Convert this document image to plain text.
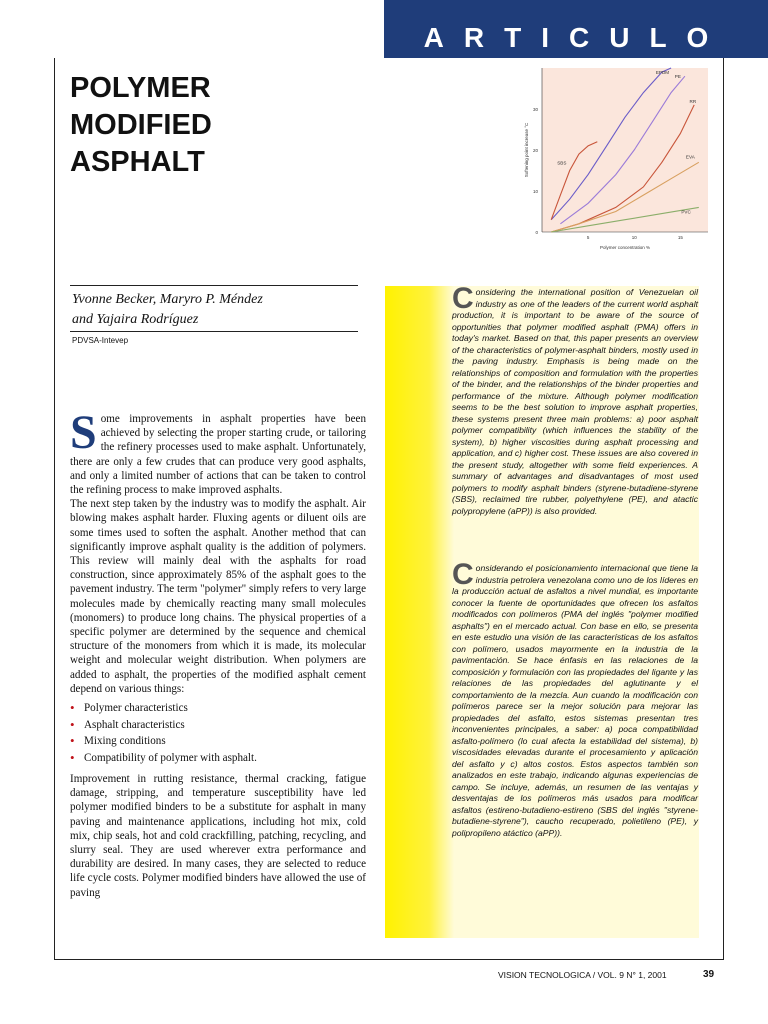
ARTICULO
POLYMER
MODIFIED
ASPHALT
0
10
20
30
5	10	15
Softening point increase °C
Polymer concentration %
EPDM
PE
SBS
RR
EVA
PVC
Yvonne Becker, Maryro P. Méndez
and Yajaira Rodríguez
PDVSA-Intevep
S ome improvements in asphalt properties have been achieved by selecting the proper starting crude, or tailoring the refinery processes used to make asphalt. Unfortunately, there are only a few crudes that can produce very good asphalts, and only a limited number of actions that can be taken to control the refining process to make improved asphalts.

The next step taken by the industry was to modify the asphalt. Air blowing makes asphalt harder. Fluxing agents or diluent oils are some times used to soften the asphalt. Another method that can significantly improve asphalt quality is the addition of polymers. This review will mainly deal with the asphalts for road construction, since approximately 85% of the asphalt goes to the pavement industry. The term "polymer" simply refers to very large molecules made by chemically reacting many small molecules (monomers) to produce long chains. The physical properties of a specific polymer are determined by the sequence and chemical structure of the monomers from which it is made, its molecular weight and molecular weight distribution. When polymers are added to asphalt, the properties of the modified asphalt cement depend on various things:

• Polymer characteristics
• Asphalt characteristics
• Mixing conditions
• Compatibility of polymer with asphalt.

Improvement in rutting resistance, thermal cracking, fatigue damage, stripping, and temperature susceptibility have led polymer modified binders to be a substitute for asphalt in many paving and maintenance applications, including hot mix, cold mix, chip seals, hot and cold crackfilling, patching, recycling, and slurry seal. They are used wherever extra performance and durability are desired. In many cases, they are selected to reduce life cycle costs. Polymer modified binders have allowed the use of paving

Considering the international position of Venezuelan oil industry as one of the leaders of the current world asphalt production, it is important to be aware of the source of opportunities that polymer modified asphalt (PMA) offers in today's market. Based on that, this paper presents an overview of the characteristics of polymer-asphalt binders, mostly used in the paving industry. Emphasis is being made on the relationships of composition and formulation with the properties of the binder, and the relationships of the binder properties and performance of the mixture. Although polymer modification seems to be the best solution to improve asphalt properties, these systems present three main problems: a) poor asphalt polymer compatibility (which influences the stability of the system), b) higher viscosities during asphalt processing and application, and c) higher cost. These issues are also covered in the present study, altogether with some field experiences. A summary of advantages and disadvantages of most used polymers to modify asphalt binders (styrene-butadiene-styrene (SBS), reclaimed tire rubber, polyethylene (PE), and atactic polypropylene (aPP)) is also provided.
Considerando el posicionamiento internacional que tiene la industria petrolera venezolana como uno de los líderes en la producción actual de asfaltos a nivel mundial, es importante conocer la fuente de oportunidades que ofrecen los asfaltos modificados con polímeros (PMA del inglés "polymer modified asphalts") en el mercado actual. Con base en ello, se presenta en este estudio una visión de las características de los asfaltos con polímero, usados mayormente en la industria de la pavimentación. Se hace énfasis en las relaciones de la composición y formulación con las propiedades del ligante y las relaciones de las propiedades del aglutinante y el comportamiento de la mezcla. Aun cuando la modificación con polímeros parece ser la mejor solución para mejorar las propiedades del asfalto, estos sistemas presentan tres inconvenientes principales, a saber: a) poca compatibilidad asfalto-polímero (lo cual afecta la estabilidad del sistema), b) viscosidades elevadas durante el procesamiento y aplicación del asfalto y c) altos costos. Estos aspectos también son analizados en este trabajo, indicando algunas experiencias de campo. Se incluye, además, un resumen de las ventajas y desventajas de los polímeros más usados para modificar asfaltos (estireno-butadieno-estireno (SBS del inglés "styrene-butadiene-styrene"), caucho recuperado, polietileno (PE), y polipropileno atáctico (aPP)).
VISION TECNOLOGICA / VOL. 9 N° 1, 2001	39
